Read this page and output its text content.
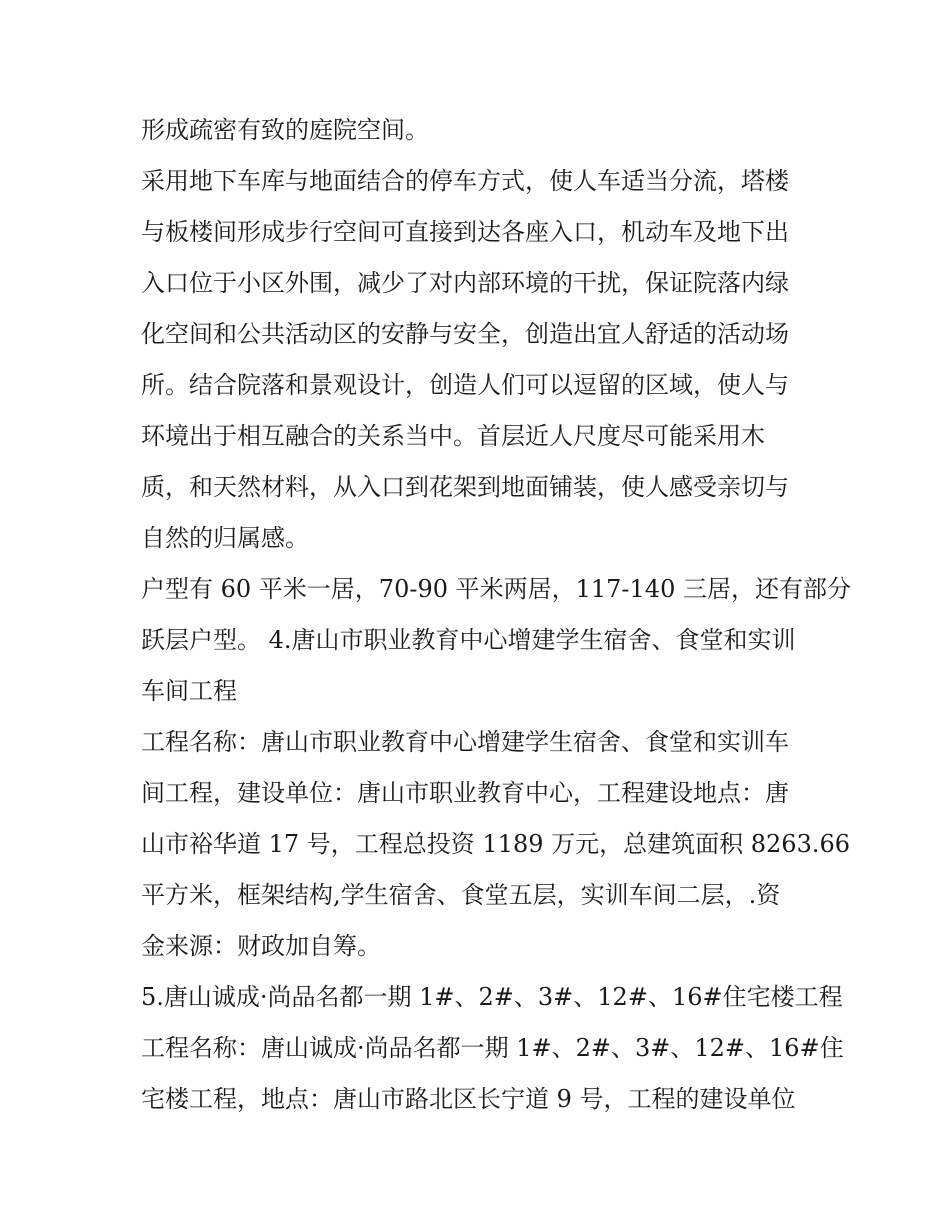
形成疏密有致的庭院空间。
采用地下车库与地面结合的停车方式，使人车适当分流，塔楼
与板楼间形成步行空间可直接到达各座入口，机动车及地下出
入口位于小区外围，减少了对内部环境的干扰，保证院落内绿
化空间和公共活动区的安静与安全，创造出宜人舒适的活动场
所。结合院落和景观设计，创造人们可以逗留的区域，使人与
环境出于相互融合的关系当中。首层近人尺度尽可能采用木
质，和天然材料，从入口到花架到地面铺装，使人感受亲切与
自然的归属感。
户型有 60 平米一居，70-90 平米两居，117-140 三居，还有部分
跃层户型。 4.唐山市职业教育中心增建学生宿舍、食堂和实训
车间工程
工程名称：唐山市职业教育中心增建学生宿舍、食堂和实训车
间工程，建设单位：唐山市职业教育中心，工程建设地点：唐
山市裕华道 17 号，工程总投资 1189 万元，总建筑面积 8263.66
平方米，框架结构,学生宿舍、食堂五层，实训车间二层，.资
金来源：财政加自筹。
5.唐山诚成·尚品名都一期 1#、2#、3#、12#、16#住宅楼工程
工程名称：唐山诚成·尚品名都一期 1#、2#、3#、12#、16#住
宅楼工程，地点：唐山市路北区长宁道 9 号，工程的建设单位
